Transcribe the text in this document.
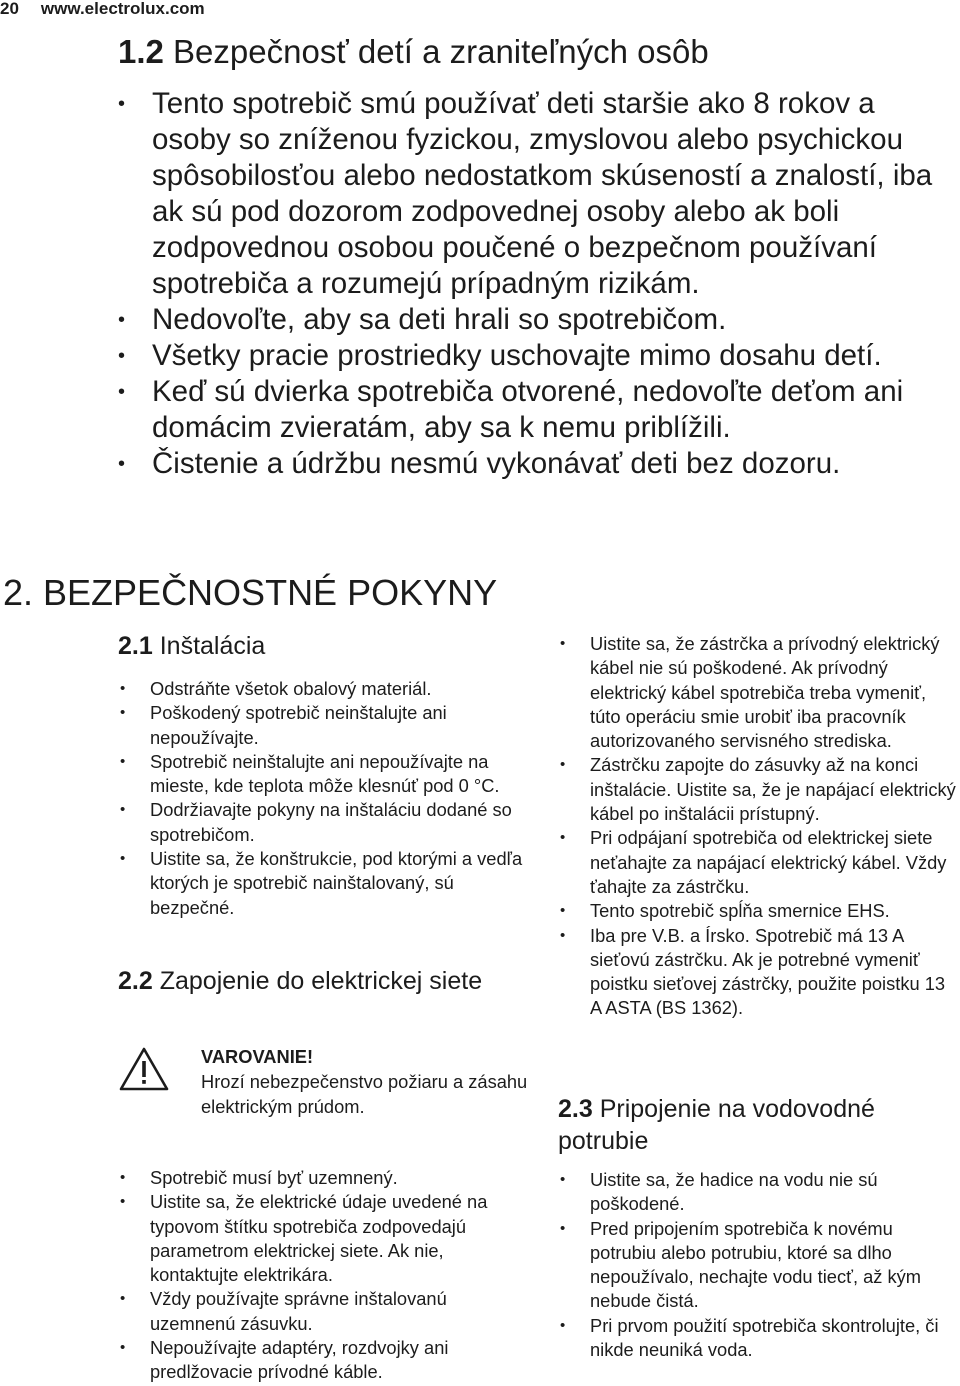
20 www.electrolux.com
1.2 Bezpečnosť detí a zraniteľných osôb
• Tento spotrebič smú používať deti staršie ako 8 rokov a osoby so zníženou fyzickou, zmyslovou alebo psychickou spôsobilosťou alebo nedostatkom skúseností a znalostí, iba ak sú pod dozorom zodpovednej osoby alebo ak boli zodpovednou osobou poučené o bezpečnom používaní spotrebiča a rozumejú prípadným rizikám.
• Nedovoľte, aby sa deti hrali so spotrebičom.
• Všetky pracie prostriedky uschovajte mimo dosahu detí.
• Keď sú dvierka spotrebiča otvorené, nedovoľte deťom ani domácim zvieratám, aby sa k nemu priblížili.
• Čistenie a údržbu nesmú vykonávať deti bez dozoru.
2. BEZPEČNOSTNÉ POKYNY
2.1 Inštalácia
• Odstráňte všetok obalový materiál.
• Poškodený spotrebič neinštalujte ani nepoužívajte.
• Spotrebič neinštalujte ani nepoužívajte na mieste, kde teplota môže klesnúť pod 0 °C.
• Dodržiavajte pokyny na inštaláciu dodané so spotrebičom.
• Uistite sa, že konštrukcie, pod ktorými a vedľa ktorých je spotrebič nainštalovaný, sú bezpečné.
2.2 Zapojenie do elektrickej siete
VAROVANIE!
Hrozí nebezpečenstvo požiaru a zásahu elektrickým prúdom.
• Spotrebič musí byť uzemnený.
• Uistite sa, že elektrické údaje uvedené na typovom štítku spotrebiča zodpovedajú parametrom elektrickej siete. Ak nie, kontaktujte elektrikára.
• Vždy používajte správne inštalovanú uzemnenú zásuvku.
• Nepoužívajte adaptéry, rozdvojky ani predlžovacie prívodné káble.
• Uistite sa, že zástrčka a prívodný elektrický kábel nie sú poškodené. Ak prívodný elektrický kábel spotrebiča treba vymeniť, túto operáciu smie urobiť iba pracovník autorizovaného servisného strediska.
• Zástrčku zapojte do zásuvky až na konci inštalácie. Uistite sa, že je napájací elektrický kábel po inštalácii prístupný.
• Pri odpájaní spotrebiča od elektrickej siete neťahajte za napájací elektrický kábel. Vždy ťahajte za zástrčku.
• Tento spotrebič spĺňa smernice EHS.
• Iba pre V.B. a Írsko. Spotrebič má 13 A sieťovú zástrčku. Ak je potrebné vymeniť poistku sieťovej zástrčky, použite poistku 13 A ASTA (BS 1362).
2.3 Pripojenie na vodovodné potrubie
• Uistite sa, že hadice na vodu nie sú poškodené.
• Pred pripojením spotrebiča k novému potrubiu alebo potrubiu, ktoré sa dlho nepoužívalo, nechajte vodu tiecť, až kým nebude čistá.
• Pri prvom použití spotrebiča skontrolujte, či nikde neuniká voda.
